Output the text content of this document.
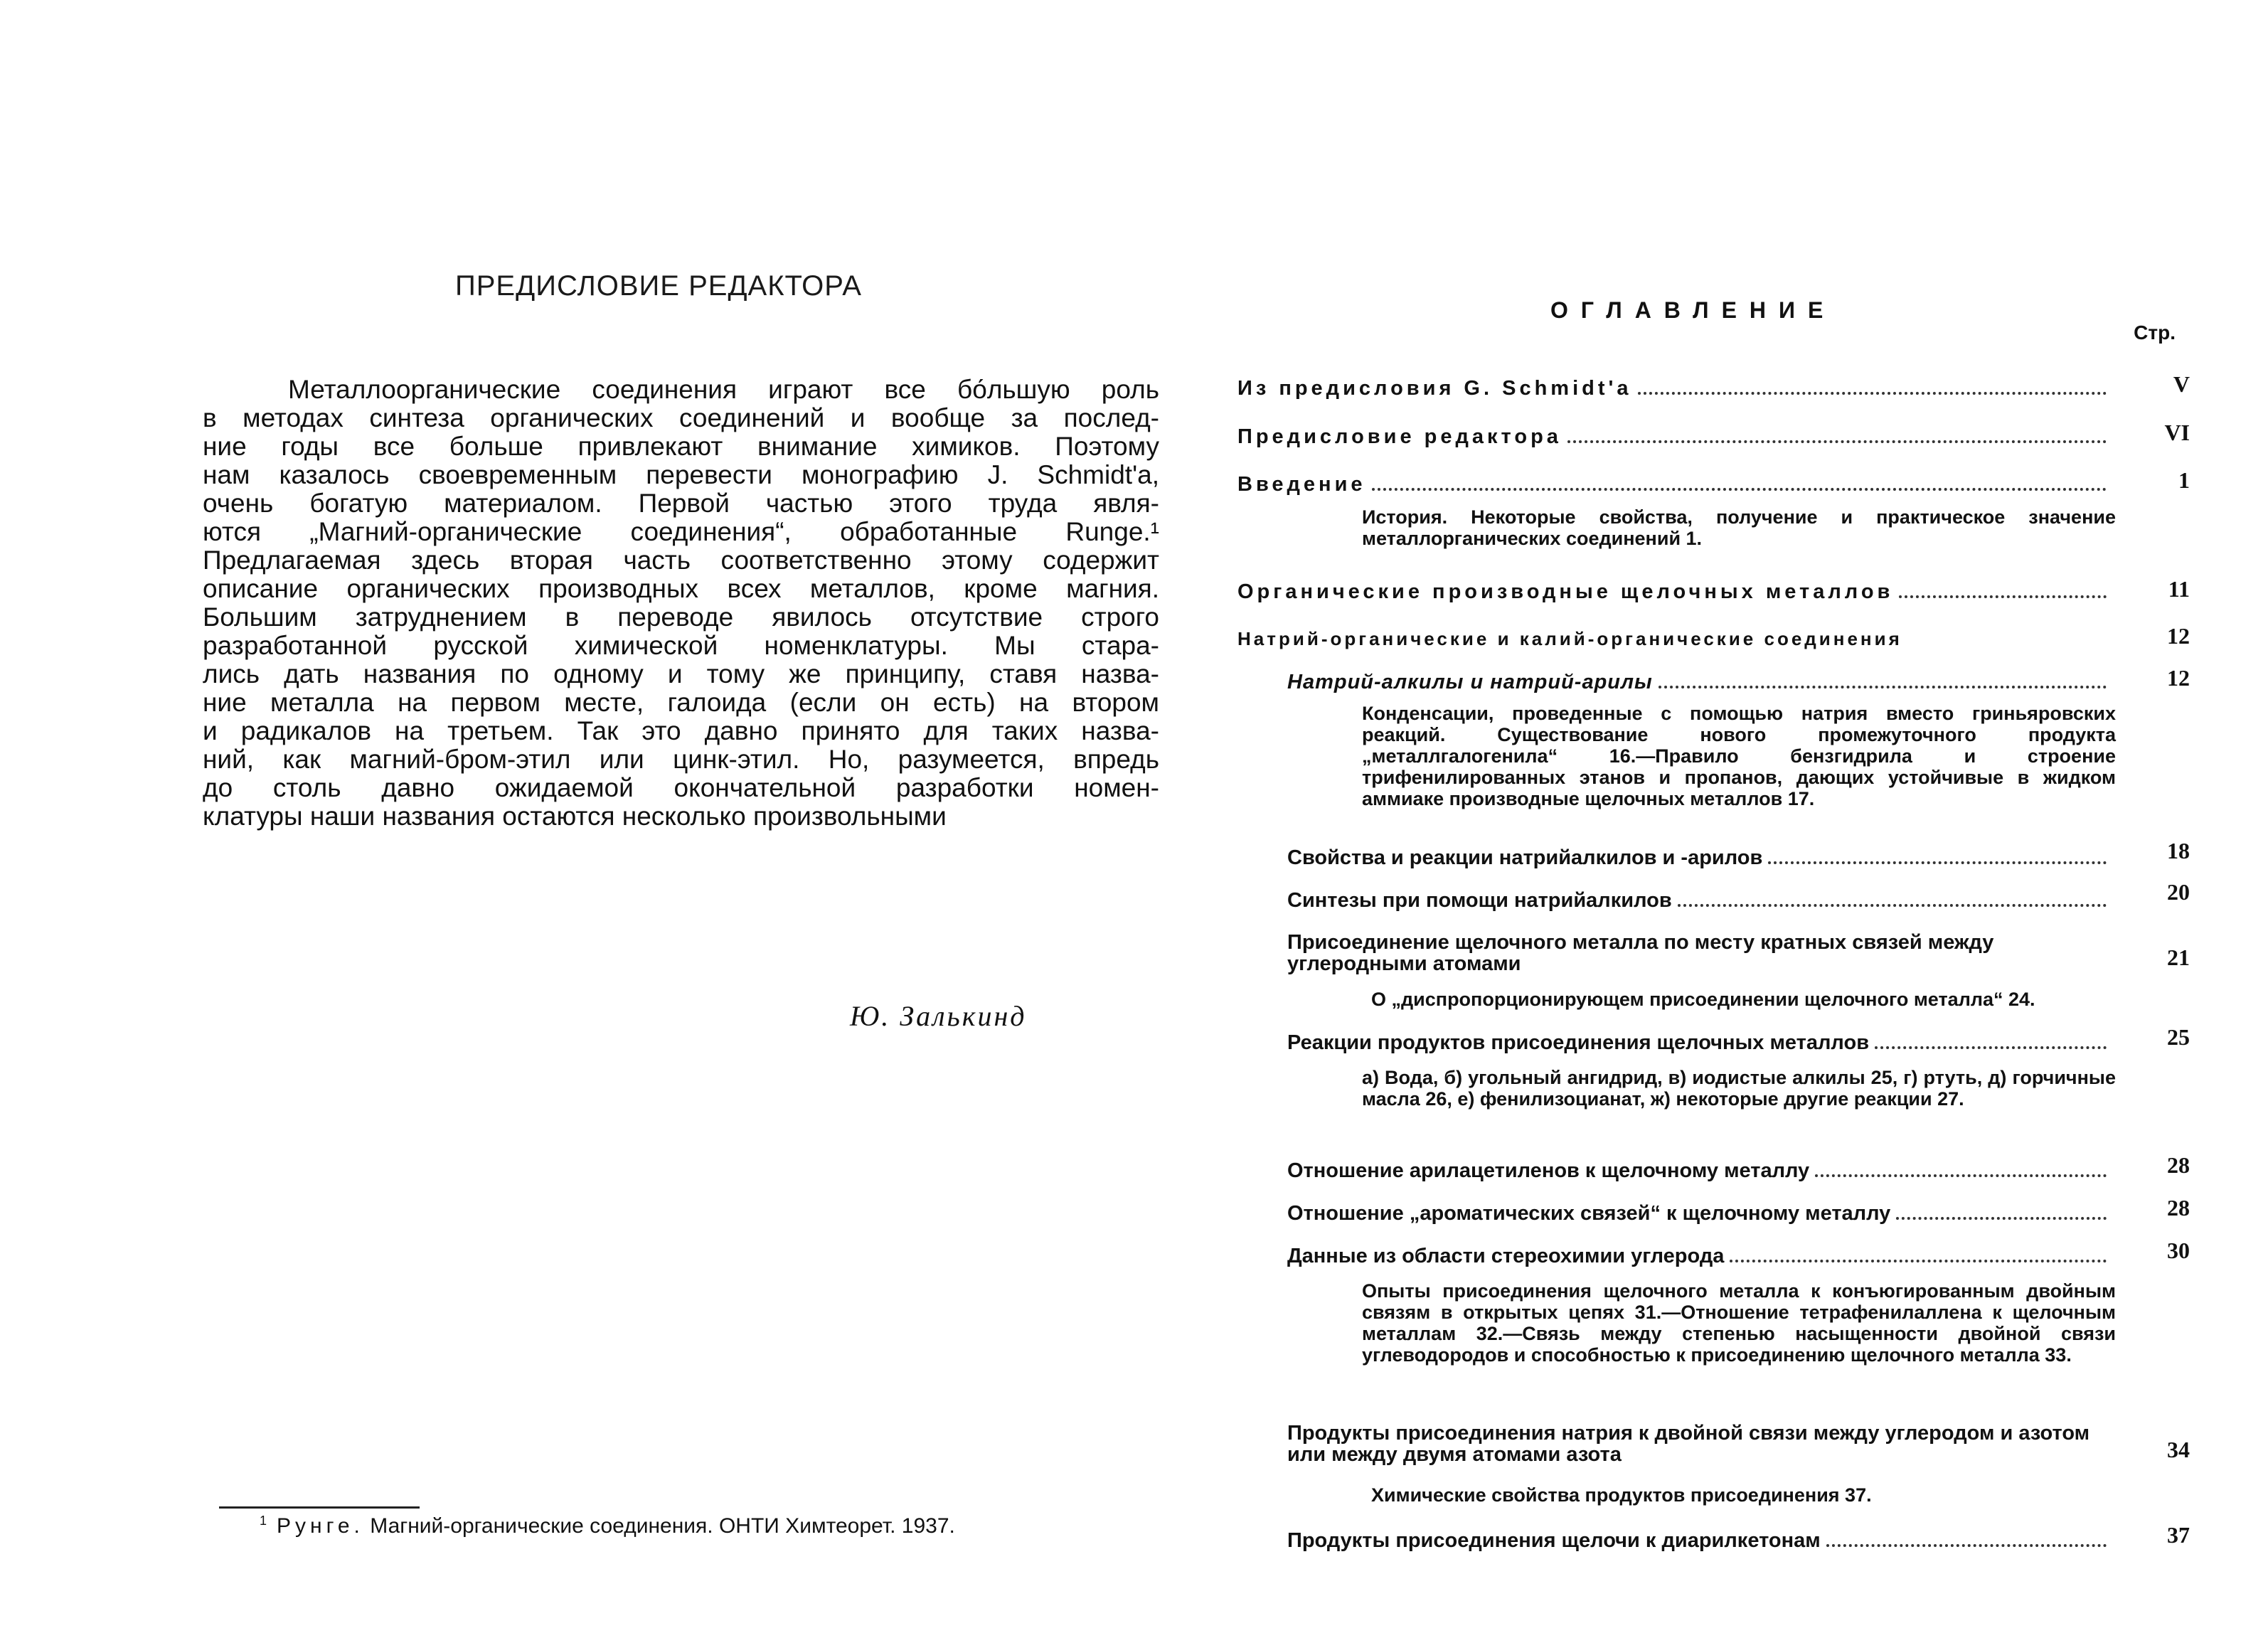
ПРЕДИСЛОВИЕ РЕДАКТОРА
Металлоорганические соединения играют все бо́льшую роль
в методах синтеза органических соединений и вообще за послед-
ние годы все больше привлекают внимание химиков. Поэтому
нам казалось своевременным перевести монографию J. Schmidt'a,
очень богатую материалом. Первой частью этого труда явля-
ются „Магний-органические соединения“, обработанные Runge.¹
Предлагаемая здесь вторая часть соответственно этому содержит
описание органических производных всех металлов, кроме магния.
Большим затруднением в переводе явилось отсутствие строго
разработанной русской химической номенклатуры. Мы стара-
лись дать названия по одному и тому же принципу, ставя назва-
ние металла на первом месте, галоида (если он есть) на втором
и радикалов на третьем. Так это давно принято для таких назва-
ний, как магний-бром-этил или цинк-этил. Но, разумеется, впредь
до столь давно ожидаемой окончательной разработки номен-
клатуры наши названия остаются несколько произвольными
Ю. Залькинд
$^1$ Рунге. Магний-органические соединения. ОНТИ Химтеорет. 1937.
ОГЛАВЛЕНИЕ
Стр.
Из предисловия G. Schmidt'a	V
Предисловие редактора	VI
Введение	1
История. Некоторые свойства, получение и практическое значение металлорганических соединений 1.
Органические производные щелочных металлов	11
Натрий-органические и калий-органические соединения	12
Натрий-алкилы и натрий-арилы	12
Конденсации, проведенные с помощью натрия вместо гриньяровских реакций. Существование нового промежуточного продукта „металлгалогенила“ 16.—Правило бензгидрила и строение трифенилированных этанов и пропанов, дающих устойчивые в жидком аммиаке производные щелочных металлов 17.
Свойства и реакции натрийалкилов и -арилов	18
Синтезы при помощи натрийалкилов	20
Присоединение щелочного металла по месту кратных связей между углеродными атомами	21
О „диспропорционирующем присоединении щелочного металла“ 24.
Реакции продуктов присоединения щелочных металлов	25
а) Вода, б) угольный ангидрид, в) иодистые алкилы 25, г) ртуть, д) горчичные масла 26, е) фенилизоцианат, ж) некоторые другие реакции 27.
Отношение арилацетиленов к щелочному металлу	28
Отношение „ароматических связей“ к щелочному металлу	28
Данные из области стереохимии углерода	30
Опыты присоединения щелочного металла к конъюгированным двойным связям в открытых цепях 31.—Отношение тетрафенилаллена к щелочным металлам 32.—Связь между степенью насыщенности двойной связи углеводородов и способностью к присоединению щелочного металла 33.
Продукты присоединения натрия к двойной связи между углеродом и азотом или между двумя атомами азота	34
Химические свойства продуктов присоединения 37.
Продукты присоединения щелочи к диарилкетонам	37
